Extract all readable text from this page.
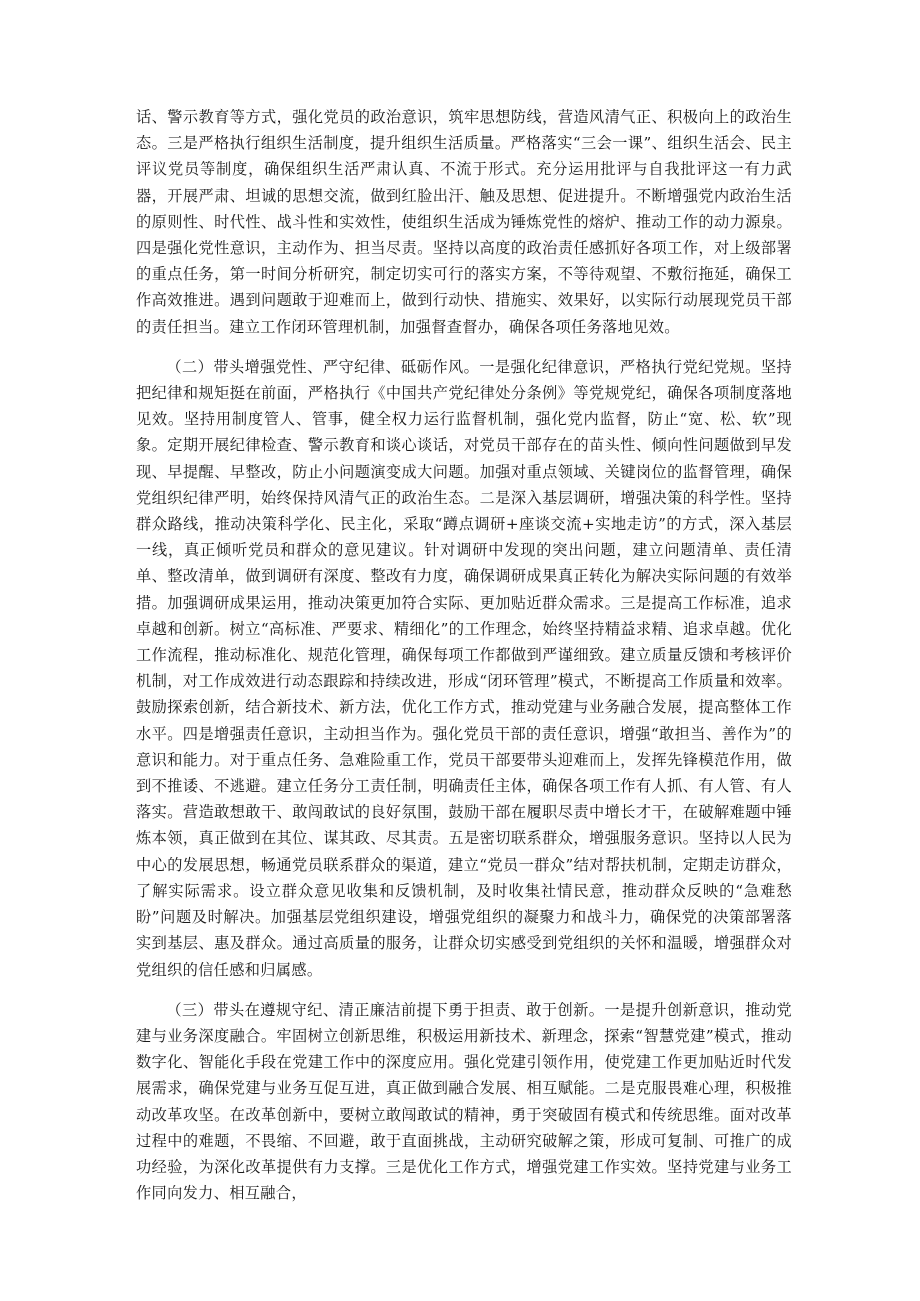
话、警示教育等方式，强化党员的政治意识，筑牢思想防线，营造风清气正、积极向上的政治生态。三是严格执行组织生活制度，提升组织生活质量。严格落实“三会一课”、组织生活会、民主评议党员等制度，确保组织生活严肃认真、不流于形式。充分运用批评与自我批评这一有力武器，开展严肃、坦诚的思想交流，做到红脸出汗、触及思想、促进提升。不断增强党内政治生活的原则性、时代性、战斗性和实效性，使组织生活成为锤炼党性的熔炉、推动工作的动力源泉。四是强化党性意识，主动作为、担当尽责。坚持以高度的政治责任感抓好各项工作，对上级部署的重点任务，第一时间分析研究，制定切实可行的落实方案，不等待观望、不敷衍拖延，确保工作高效推进。遇到问题敢于迎难而上，做到行动快、措施实、效果好，以实际行动展现党员干部的责任担当。建立工作闭环管理机制，加强督查督办，确保各项任务落地见效。

（二）带头增强党性、严守纪律、砥砺作风。一是强化纪律意识，严格执行党纪党规。坚持把纪律和规矩挺在前面，严格执行《中国共产党纪律处分条例》等党规党纪，确保各项制度落地见效。坚持用制度管人、管事，健全权力运行监督机制，强化党内监督，防止“宽、松、软”现象。定期开展纪律检查、警示教育和谈心谈话，对党员干部存在的苗头性、倾向性问题做到早发现、早提醒、早整改，防止小问题演变成大问题。加强对重点领域、关键岗位的监督管理，确保党组织纪律严明，始终保持风清气正的政治生态。二是深入基层调研，增强决策的科学性。坚持群众路线，推动决策科学化、民主化，采取“蹲点调研+座谈交流+实地走访”的方式，深入基层一线，真正倾听党员和群众的意见建议。针对调研中发现的突出问题，建立问题清单、责任清单、整改清单，做到调研有深度、整改有力度，确保调研成果真正转化为解决实际问题的有效举措。加强调研成果运用，推动决策更加符合实际、更加贴近群众需求。三是提高工作标准，追求卓越和创新。树立“高标准、严要求、精细化”的工作理念，始终坚持精益求精、追求卓越。优化工作流程，推动标准化、规范化管理，确保每项工作都做到严谨细致。建立质量反馈和考核评价机制，对工作成效进行动态跟踪和持续改进，形成“闭环管理”模式，不断提高工作质量和效率。鼓励探索创新，结合新技术、新方法，优化工作方式，推动党建与业务融合发展，提高整体工作水平。四是增强责任意识，主动担当作为。强化党员干部的责任意识，增强“敢担当、善作为”的意识和能力。对于重点任务、急难险重工作，党员干部要带头迎难而上，发挥先锋模范作用，做到不推诿、不逃避。建立任务分工责任制，明确责任主体，确保各项工作有人抓、有人管、有人落实。营造敢想敢干、敢闯敢试的良好氛围，鼓励干部在履职尽责中增长才干，在破解难题中锤炼本领，真正做到在其位、谋其政、尽其责。五是密切联系群众，增强服务意识。坚持以人民为中心的发展思想，畅通党员联系群众的渠道，建立“党员一群众”结对帮扶机制，定期走访群众，了解实际需求。设立群众意见收集和反馈机制，及时收集社情民意，推动群众反映的“急难愁盼”问题及时解决。加强基层党组织建设，增强党组织的凝聚力和战斗力，确保党的决策部署落实到基层、惠及群众。通过高质量的服务，让群众切实感受到党组织的关怀和温暖，增强群众对党组织的信任感和归属感。

（三）带头在遵规守纪、清正廉洁前提下勇于担责、敢于创新。一是提升创新意识，推动党建与业务深度融合。牢固树立创新思维，积极运用新技术、新理念，探索“智慧党建”模式，推动数字化、智能化手段在党建工作中的深度应用。强化党建引领作用，使党建工作更加贴近时代发展需求，确保党建与业务互促互进，真正做到融合发展、相互赋能。二是克服畏难心理，积极推动改革攻坚。在改革创新中，要树立敢闯敢试的精神，勇于突破固有模式和传统思维。面对改革过程中的难题，不畏缩、不回避，敢于直面挑战，主动研究破解之策，形成可复制、可推广的成功经验，为深化改革提供有力支撑。三是优化工作方式，增强党建工作实效。坚持党建与业务工作同向发力、相互融合，
